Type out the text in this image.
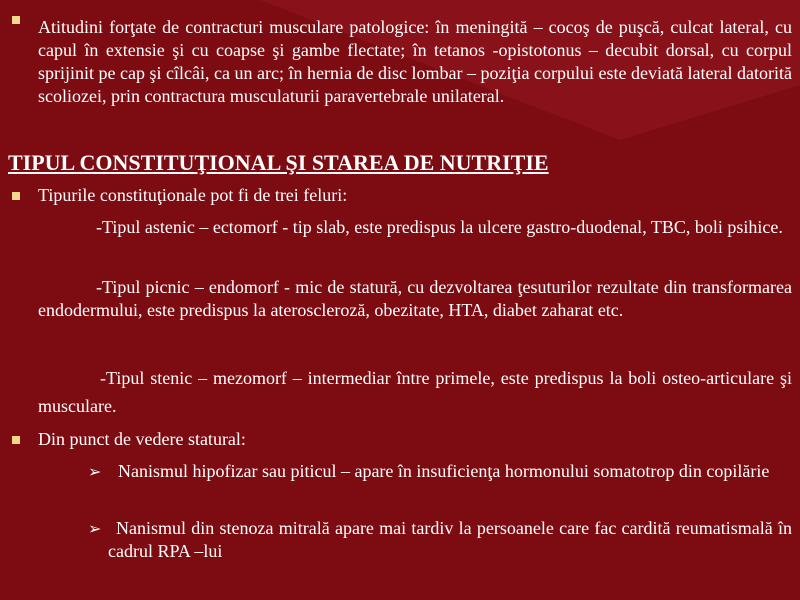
Atitudini forţate de contracturi musculare patologice: în meningită – cocoş de puşcă, culcat lateral, cu capul în extensie şi cu coapse şi gambe flectate; în tetanos -opistotonus – decubit dorsal, cu corpul sprijinit pe cap şi cîlcâi, ca un arc; în hernia de disc lombar – poziţia corpului este deviată lateral datorită scoliozei, prin contractura musculaturii paravertebrale unilateral.
TIPUL CONSTITUŢIONAL ŞI STAREA DE NUTRIŢIE
Tipurile constituţionale pot fi de trei feluri:
-Tipul astenic – ectomorf - tip slab, este predispus la ulcere gastro-duodenal, TBC, boli psihice.
-Tipul picnic – endomorf - mic de statură, cu dezvoltarea ţesuturilor rezultate din transformarea endodermului, este predispus la ateroscleroză, obezitate, HTA, diabet zaharat etc.
-Tipul stenic – mezomorf – intermediar între primele, este predispus la boli osteo-articulare şi musculare.
Din punct de vedere statural:
➢ Nanismul hipofizar sau piticul – apare în insuficienţa hormonului somatotrop din copilărie
➢ Nanismul din stenoza mitrală apare mai tardiv la persoanele care fac cardită reumatismală în cadrul RPA –lui
